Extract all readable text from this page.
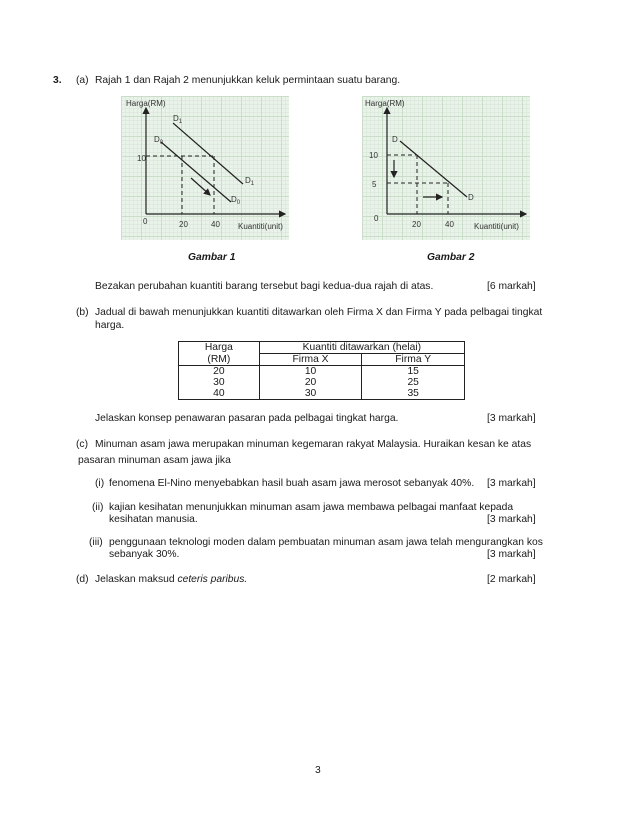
3. (a) Rajah 1 dan Rajah 2 menunjukkan keluk permintaan suatu barang.
Harga(RM)
Kuantiti(unit)
0	20	40
10
$D_1$
$D_0$
$D_1$
$D_0$
Harga(RM)
Kuantiti(unit)
0
20	40
10
5
D
D
Gambar 1	Gambar 2
Bezakan perubahan kuantiti barang tersebut bagi kedua-dua rajah di atas.	[6 markah]
(b) Jadual di bawah menunjukkan kuantiti ditawarkan oleh Firma X dan Firma Y pada pelbagai tingkat
harga.
Harga	Kuantiti ditawarkan (helai)	
(RM)	Firma X	Firma Y
20	10	15
30	20	25
40	30	35
Jelaskan konsep penawaran pasaran pada pelbagai tingkat harga.	[3 markah]
(c) Minuman asam jawa merupakan minuman kegemaran rakyat Malaysia. Huraikan kesan ke atas
pasaran minuman asam jawa jika
(i) fenomena El-Nino menyebabkan hasil buah asam jawa merosot sebanyak 40%. [3 markah]
(ii) kajian kesihatan menunjukkan minuman asam jawa membawa pelbagai manfaat kepada
kesihatan manusia.	[3 markah]
(iii) penggunaan teknologi moden dalam pembuatan minuman asam jawa telah mengurangkan kos
sebanyak 30%.	[3 markah]
(d) Jelaskan maksud ceteris paribus.	[2 markah]
3
